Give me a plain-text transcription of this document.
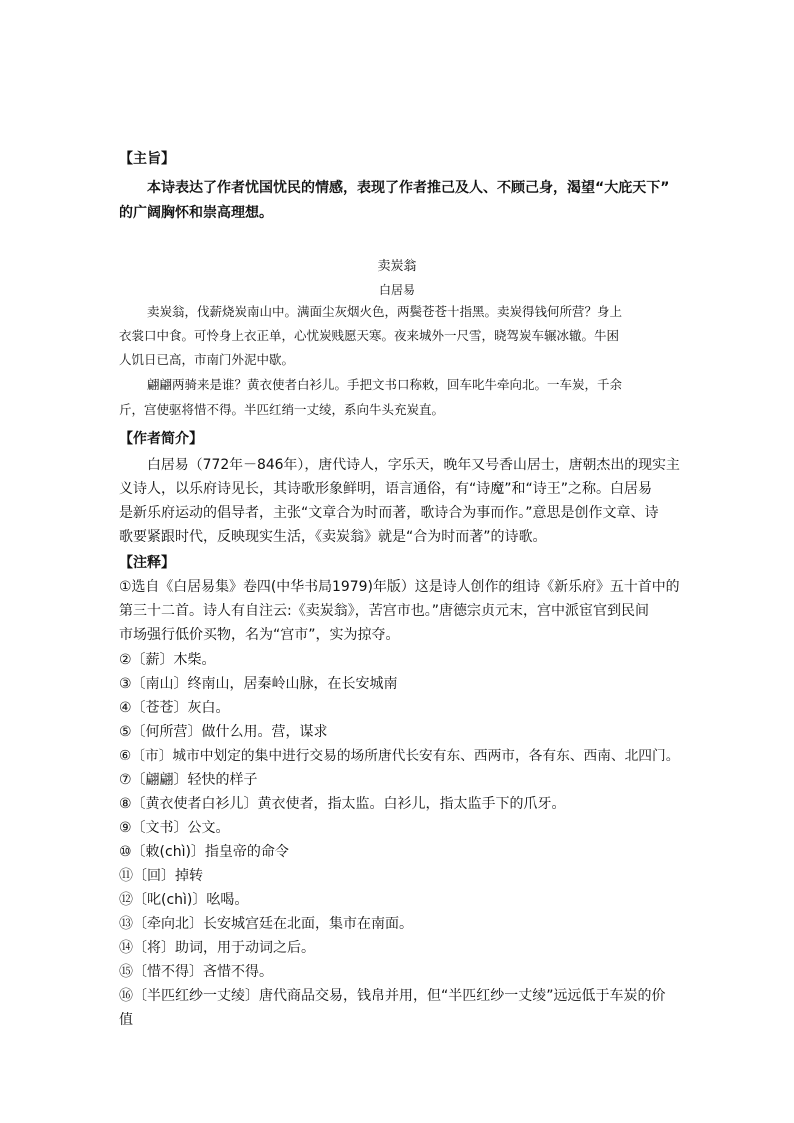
【主旨】
本诗表达了作者忧国忧民的情感，表现了作者推己及人、不顾己身，渴望“大庇天下”
的广阔胸怀和崇高理想。
卖炭翁
白居易
卖炭翁，伐薪烧炭南山中。满面尘灰烟火色，两鬓苍苍十指黑。卖炭得钱何所营？身上
衣裳口中食。可怜身上衣正单，心忧炭贱愿天寒。夜来城外一尺雪，晓驾炭车辗冰辙。牛困
人饥日已高，市南门外泥中歇。
翩翩两骑来是谁？黄衣使者白衫儿。手把文书口称敕，回车叱牛牵向北。一车炭，千余
斤，宫使驱将惜不得。半匹红绡一丈绫，系向牛头充炭直。
【作者简介】
白居易（772年－846年），唐代诗人，字乐天，晚年又号香山居士，唐朝杰出的现实主
义诗人，以乐府诗见长，其诗歌形象鲜明，语言通俗，有“诗魔”和“诗王”之称。白居易
是新乐府运动的倡导者，主张“文章合为时而著，歌诗合为事而作。”意思是创作文章、诗
歌要紧跟时代，反映现实生活，《卖炭翁》就是“合为时而著”的诗歌。
【注释】
①选自《白居易集》卷四(中华书局1979)年版）这是诗人创作的组诗《新乐府》五十首中的
第三十二首。诗人有自注云:《卖炭翁》，苦宫市也。”唐德宗贞元末，宫中派宦官到民间
市场强行低价买物，名为“宫市”，实为掠夺。
②〔薪〕木柴。
③〔南山〕终南山，居秦岭山脉，在长安城南
④〔苍苍〕灰白。
⑤〔何所营〕做什么用。营，谋求
⑥〔市〕城市中划定的集中进行交易的场所唐代长安有东、西两市，各有东、西南、北四门。
⑦〔翩翩〕轻快的样子
⑧〔黄衣使者白衫儿〕黄衣使者，指太监。白衫儿，指太监手下的爪牙。
⑨〔文书〕公文。
⑩〔敕(chì)〕指皇帝的命令
⑪〔回〕掉转
⑫〔叱(chì)〕吆喝。
⑬〔牵向北〕长安城宫廷在北面，集市在南面。
⑭〔将〕助词，用于动词之后。
⑮〔惜不得〕吝惜不得。
⑯〔半匹红纱一丈绫〕唐代商品交易，钱帛并用，但“半匹红纱一丈绫”远远低于车炭的价
值
